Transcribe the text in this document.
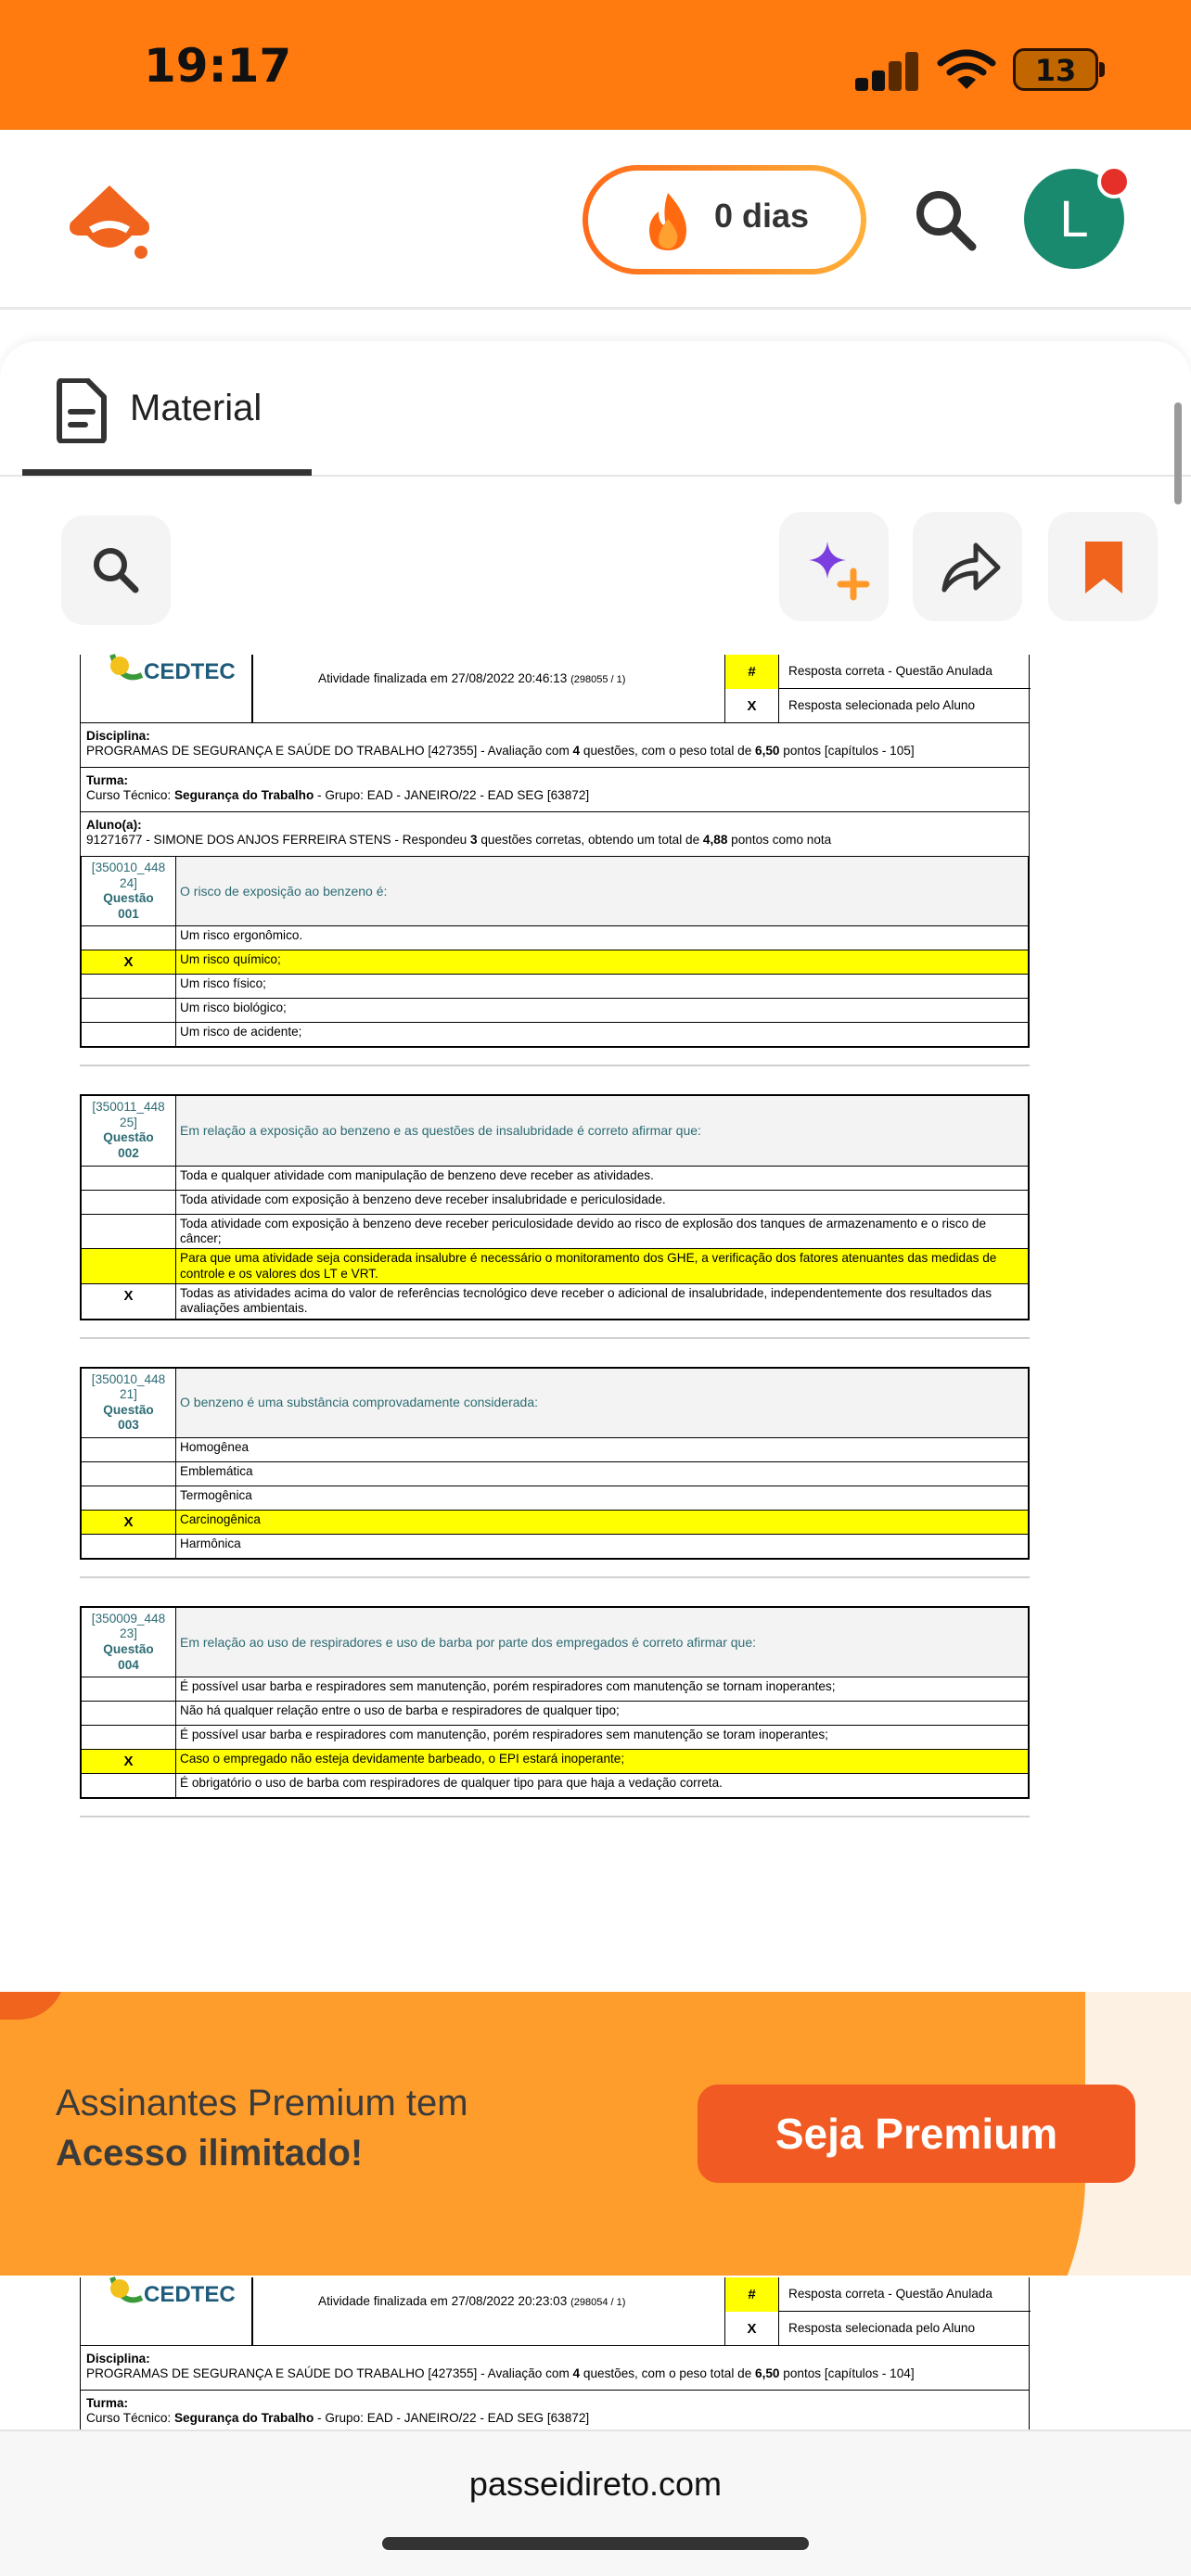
19:17	13
0 dias	L
Material
CEDTEC	Atividade finalizada em 27/08/2022 20:46:13 (298055 / 1)	#	Resposta correta - Questão Anulada
X	Resposta selecionada pelo Aluno
Disciplina:
PROGRAMAS DE SEGURANÇA E SAÚDE DO TRABALHO [427355] - Avaliação com 4 questões, com o peso total de 6,50 pontos [capítulos - 105]
Turma:
Curso Técnico: Segurança do Trabalho - Grupo: EAD - JANEIRO/22 - EAD SEG [63872]
Aluno(a):
91271677 - SIMONE DOS ANJOS FERREIRA STENS - Respondeu 3 questões corretas, obtendo um total de 4,88 pontos como nota
[350010_448 24]
Questão
001
O risco de exposição ao benzeno é:
Um risco ergonômico.
X	Um risco químico;
Um risco físico;
Um risco biológico;
Um risco de acidente;
[350011_448 25]
Questão
002
Em relação a exposição ao benzeno e as questões de insalubridade é correto afirmar que:
Toda e qualquer atividade com manipulação de benzeno deve receber as atividades.
Toda atividade com exposição à benzeno deve receber insalubridade e periculosidade.
Toda atividade com exposição à benzeno deve receber periculosidade devido ao risco de explosão dos tanques de armazenamento e o risco de câncer;
Para que uma atividade seja considerada insalubre é necessário o monitoramento dos GHE, a verificação dos fatores atenuantes das medidas de controle e os valores dos LT e VRT.
X	Todas as atividades acima do valor de referências tecnológico deve receber o adicional de insalubridade, independentemente dos resultados das avaliações ambientais.
[350010_448 21]
Questão
003
O benzeno é uma substância comprovadamente considerada:
Homogênea
Emblemática
Termogênica
X	Carcinogênica
Harmônica
[350009_448 23]
Questão
004
Em relação ao uso de respiradores e uso de barba por parte dos empregados é correto afirmar que:
É possível usar barba e respiradores sem manutenção, porém respiradores com manutenção se tornam inoperantes;
Não há qualquer relação entre o uso de barba e respiradores de qualquer tipo;
É possível usar barba e respiradores com manutenção, porém respiradores sem manutenção se toram inoperantes;
X	Caso o empregado não esteja devidamente barbeado, o EPI estará inoperante;
É obrigatório o uso de barba com respiradores de qualquer tipo para que haja a vedação correta.
CEDTEC	Atividade finalizada em 27/08/2022 20:23:03 (298054 / 1)	#	Resposta correta - Questão Anulada
X	Resposta selecionada pelo Aluno
Disciplina:
PROGRAMAS DE SEGURANÇA E SAÚDE DO TRABALHO [427355] - Avaliação com 4 questões, com o peso total de 6,50 pontos [capítulos - 104]
Turma:
Curso Técnico: Segurança do Trabalho - Grupo: EAD - JANEIRO/22 - EAD SEG [63872]
Assinantes Premium tem
Acesso ilimitado!	Seja Premium
passeidireto.com
